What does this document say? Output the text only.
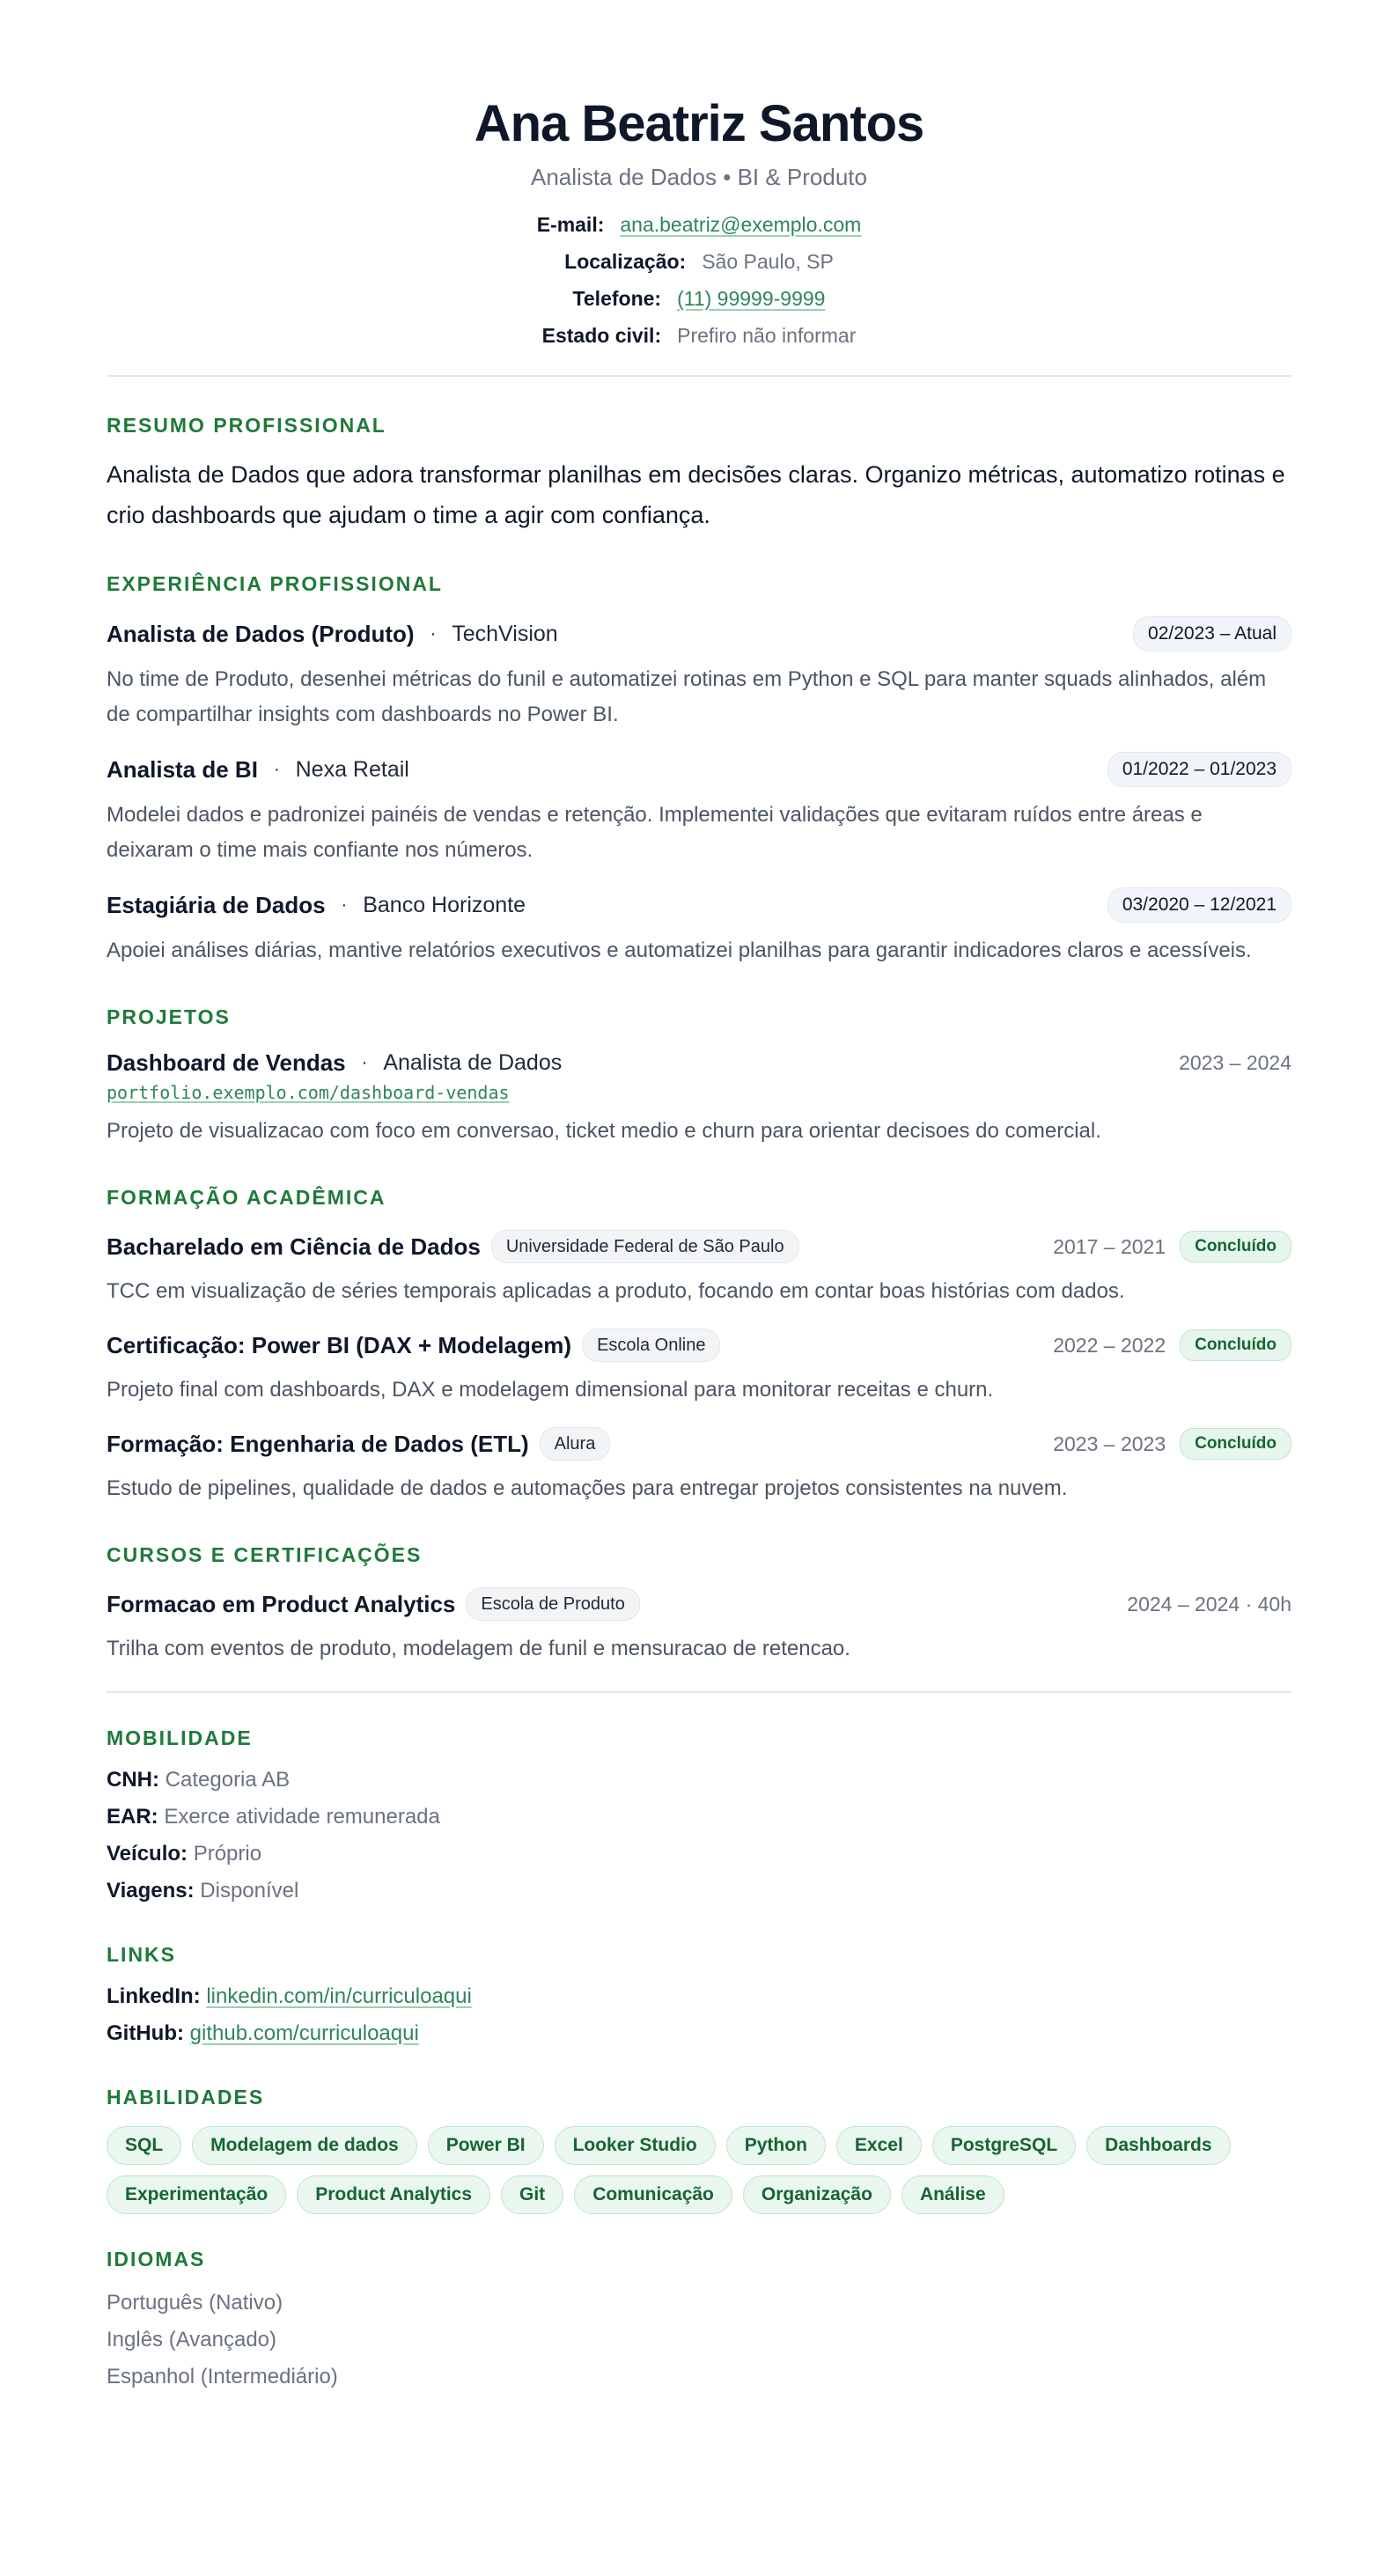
Ana Beatriz Santos
Analista de Dados • BI & Produto
E-mail: ana.beatriz@exemplo.com
Localização: São Paulo, SP
Telefone: (11) 99999-9999
Estado civil: Prefiro não informar
RESUMO PROFISSIONAL
Analista de Dados que adora transformar planilhas em decisões claras. Organizo métricas, automatizo rotinas e crio dashboards que ajudam o time a agir com confiança.
EXPERIÊNCIA PROFISSIONAL
Analista de Dados (Produto) · TechVision	02/2023 – Atual
No time de Produto, desenhei métricas do funil e automatizei rotinas em Python e SQL para manter squads alinhados, além de compartilhar insights com dashboards no Power BI.
Analista de BI · Nexa Retail	01/2022 – 01/2023
Modelei dados e padronizei painéis de vendas e retenção. Implementei validações que evitaram ruídos entre áreas e deixaram o time mais confiante nos números.
Estagiária de Dados · Banco Horizonte	03/2020 – 12/2021
Apoiei análises diárias, mantive relatórios executivos e automatizei planilhas para garantir indicadores claros e acessíveis.
PROJETOS
Dashboard de Vendas · Analista de Dados	2023 – 2024
portfolio.exemplo.com/dashboard-vendas
Projeto de visualizacao com foco em conversao, ticket medio e churn para orientar decisoes do comercial.
FORMAÇÃO ACADÊMICA
Bacharelado em Ciência de Dados	Universidade Federal de São Paulo	2017 – 2021	Concluído
TCC em visualização de séries temporais aplicadas a produto, focando em contar boas histórias com dados.
Certificação: Power BI (DAX + Modelagem)	Escola Online	2022 – 2022	Concluído
Projeto final com dashboards, DAX e modelagem dimensional para monitorar receitas e churn.
Formação: Engenharia de Dados (ETL)	Alura	2023 – 2023	Concluído
Estudo de pipelines, qualidade de dados e automações para entregar projetos consistentes na nuvem.
CURSOS E CERTIFICAÇÕES
Formacao em Product Analytics	Escola de Produto	2024 – 2024 · 40h
Trilha com eventos de produto, modelagem de funil e mensuracao de retencao.
MOBILIDADE
CNH: Categoria AB
EAR: Exerce atividade remunerada
Veículo: Próprio
Viagens: Disponível
LINKS
LinkedIn: linkedin.com/in/curriculoaqui
GitHub: github.com/curriculoaqui
HABILIDADES
SQL	Modelagem de dados	Power BI	Looker Studio	Python	Excel	PostgreSQL	Dashboards
Experimentação	Product Analytics	Git	Comunicação	Organização	Análise
IDIOMAS
Português (Nativo)
Inglês (Avançado)
Espanhol (Intermediário)
